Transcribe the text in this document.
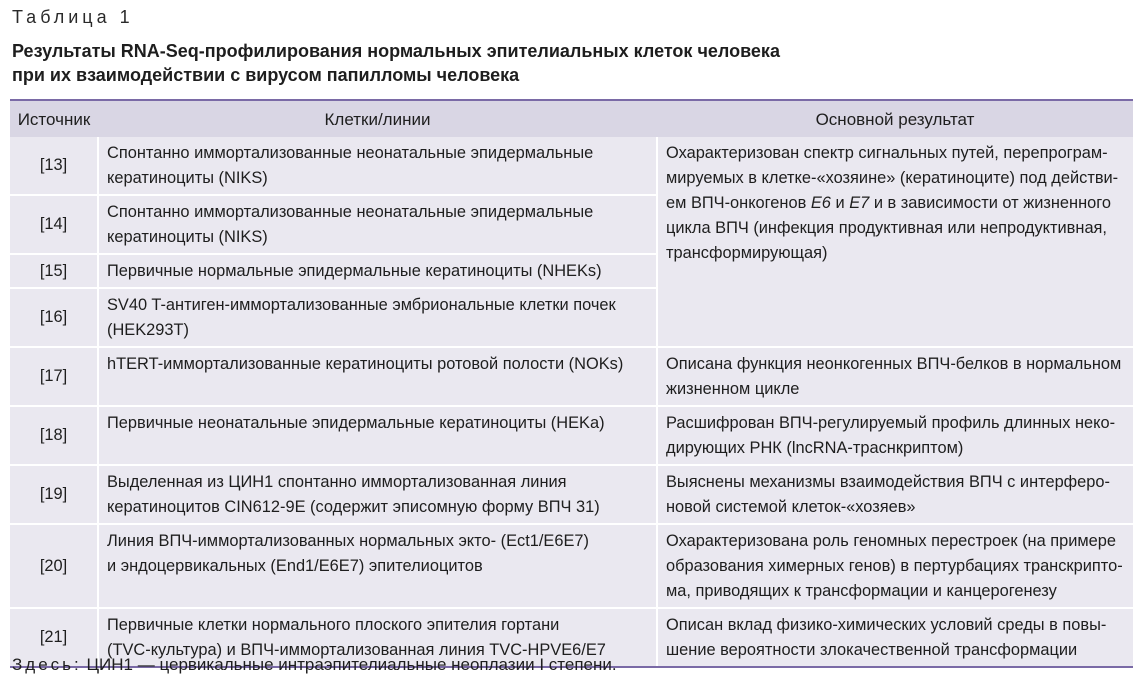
Таблица 1
Результаты RNA-Seq-профилирования нормальных эпителиальных клеток человека
при их взаимодействии с вирусом папилломы человека
Источник	Клетки/линии	Основной результат
[13]	Спонтанно иммортализованные неонатальные эпидермальные кератиноциты (NIKS)	Охарактеризован спектр сигнальных путей, перепрограм-мируемых в клетке-«хозяине» (кератиноците) под действи-ем ВПЧ-онкогенов E6 и E7 и в зависимости от жизненного цикла ВПЧ (инфекция продуктивная или непродуктивная, трансформирующая)
[14]	Спонтанно иммортализованные неонатальные эпидермальные кератиноциты (NIKS)	
[15]	Первичные нормальные эпидермальные кератиноциты (NHEKs)	
[16]	SV40 T-антиген-иммортализованные эмбриональные клетки почек (HEK293T)	
[17]	hTERT-иммортализованные кератиноциты ротовой полости (NOKs)	Описана функция неонкогенных ВПЧ-белков в нормальном жизненном цикле
[18]	Первичные неонатальные эпидермальные кератиноциты (HEKa)	Расшифрован ВПЧ-регулируемый профиль длинных неко-дирующих РНК (lncRNA-траснкриптом)
[19]	Выделенная из ЦИН1 спонтанно иммортализованная линия
кератиноцитов CIN612-9E (содержит эписомную форму ВПЧ 31)	Выяснены механизмы взаимодействия ВПЧ с интерферо-новой системой клеток-«хозяев»
[20]	Линия ВПЧ-иммортализованных нормальных экто- (Ect1/E6E7)
и эндоцервикальных (End1/E6E7) эпителиоцитов	Охарактеризована роль геномных перестроек (на примере образования химерных генов) в пертурбациях транскрипто-ма, приводящих к трансформации и канцерогенезу
[21]	Первичные клетки нормального плоского эпителия гортани
(TVC-культура) и ВПЧ-иммортализованная линия TVC-HPVE6/E7	Описан вклад физико-химических условий среды в повы-шение вероятности злокачественной трансформации
Здесь: ЦИН1 — цервикальные интраэпителиальные неоплазии I степени.
